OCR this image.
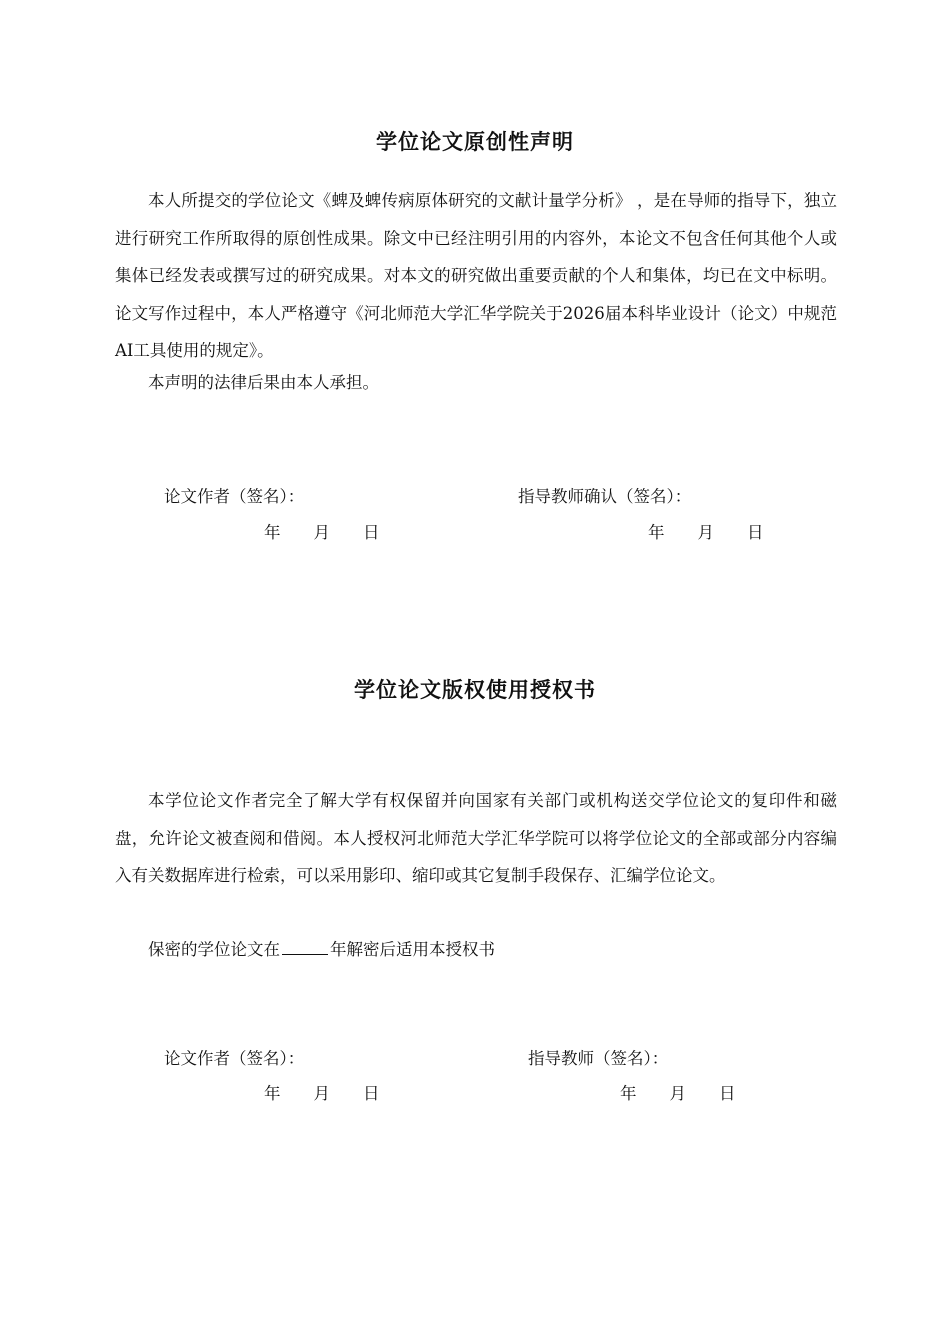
学位论文原创性声明

本人所提交的学位论文《蜱及蜱传病原体研究的文献计量学分析》 ，是在导师的指导下，独立进行研究工作所取得的原创性成果。除文中已经注明引用的内容外，本论文不包含任何其他个人或集体已经发表或撰写过的研究成果。对本文的研究做出重要贡献的个人和集体，均已在文中标明。论文写作过程中，本人严格遵守《河北师范大学汇华学院关于2026届本科毕业设计（论文）中规范AI工具使用的规定》。

本声明的法律后果由本人承担。

论文作者（签名）：	指导教师确认（签名）：
年 月 日	年 月 日
学位论文版权使用授权书

本学位论文作者完全了解大学有权保留并向国家有关部门或机构送交学位论文的复印件和磁盘，允许论文被查阅和借阅。本人授权河北师范大学汇华学院可以将学位论文的全部或部分内容编入有关数据库进行检索，可以采用影印、缩印或其它复制手段保存、汇编学位论文。

保密的学位论文在	年解密后适用本授权书

论文作者（签名）：	指导教师（签名）：
年 月 日	年 月 日
